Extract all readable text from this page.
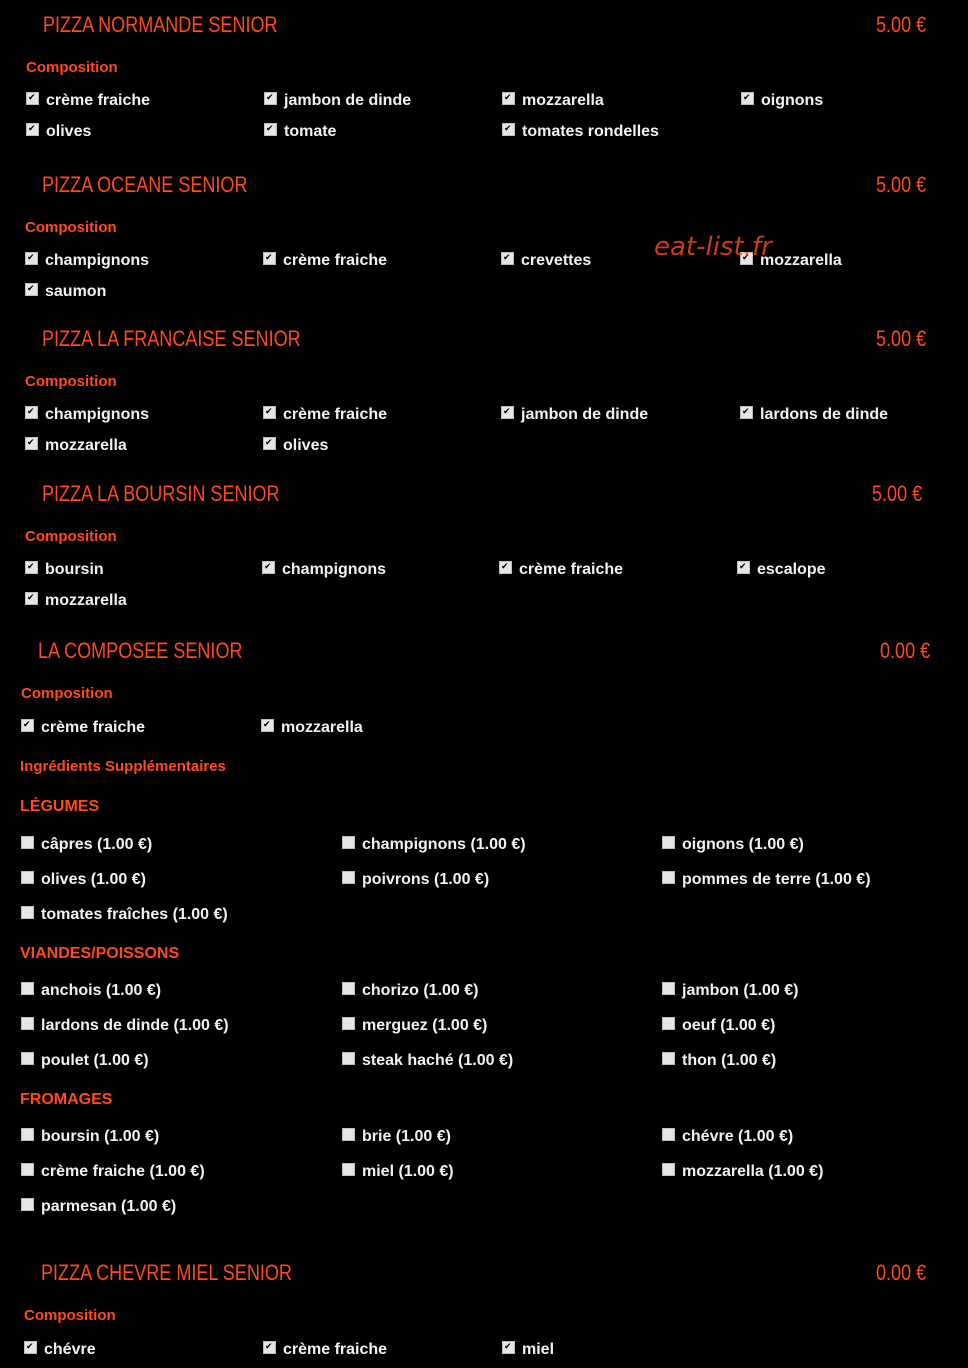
PIZZA NORMANDE SENIOR	5.00 €
Composition
✔
crème fraiche ✔	jambon de dinde ✔	mozzarella ✔	oignons
✔
olives ✔	tomate ✔	tomates rondelles
PIZZA OCEANE SENIOR	5.00 €
Composition
✔
champignons ✔	crème fraiche ✔	crevettes ✔	mozzarella
✔
saumon
eat-list.fr
PIZZA LA FRANCAISE SENIOR	5.00 €
Composition
✔
champignons ✔	crème fraiche ✔	jambon de dinde ✔	lardons de dinde
✔
mozzarella ✔	olives
PIZZA LA BOURSIN SENIOR	5.00 €
Composition
✔
boursin ✔	champignons ✔	crème fraiche ✔	escalope
✔
mozzarella
LA COMPOSEE SENIOR	0.00 €
Composition
✔
crème fraiche ✔	mozzarella
Ingrédients Supplémentaires
LÉGUMES
câpres (1.00 €)	champignons (1.00 €)	oignons (1.00 €)
olives (1.00 €)	poivrons (1.00 €)	pommes de terre (1.00 €)
tomates fraîches (1.00 €)
VIANDES/POISSONS
anchois (1.00 €)	chorizo (1.00 €)	jambon (1.00 €)
lardons de dinde (1.00 €)	merguez (1.00 €)	oeuf (1.00 €)
poulet (1.00 €)	steak haché (1.00 €)	thon (1.00 €)
FROMAGES
boursin (1.00 €)	brie (1.00 €)	chévre (1.00 €)
crème fraiche (1.00 €)	miel (1.00 €)	mozzarella (1.00 €)
parmesan (1.00 €)
PIZZA CHEVRE MIEL SENIOR	0.00 €
Composition
✔
chévre ✔	crème fraiche ✔	miel
